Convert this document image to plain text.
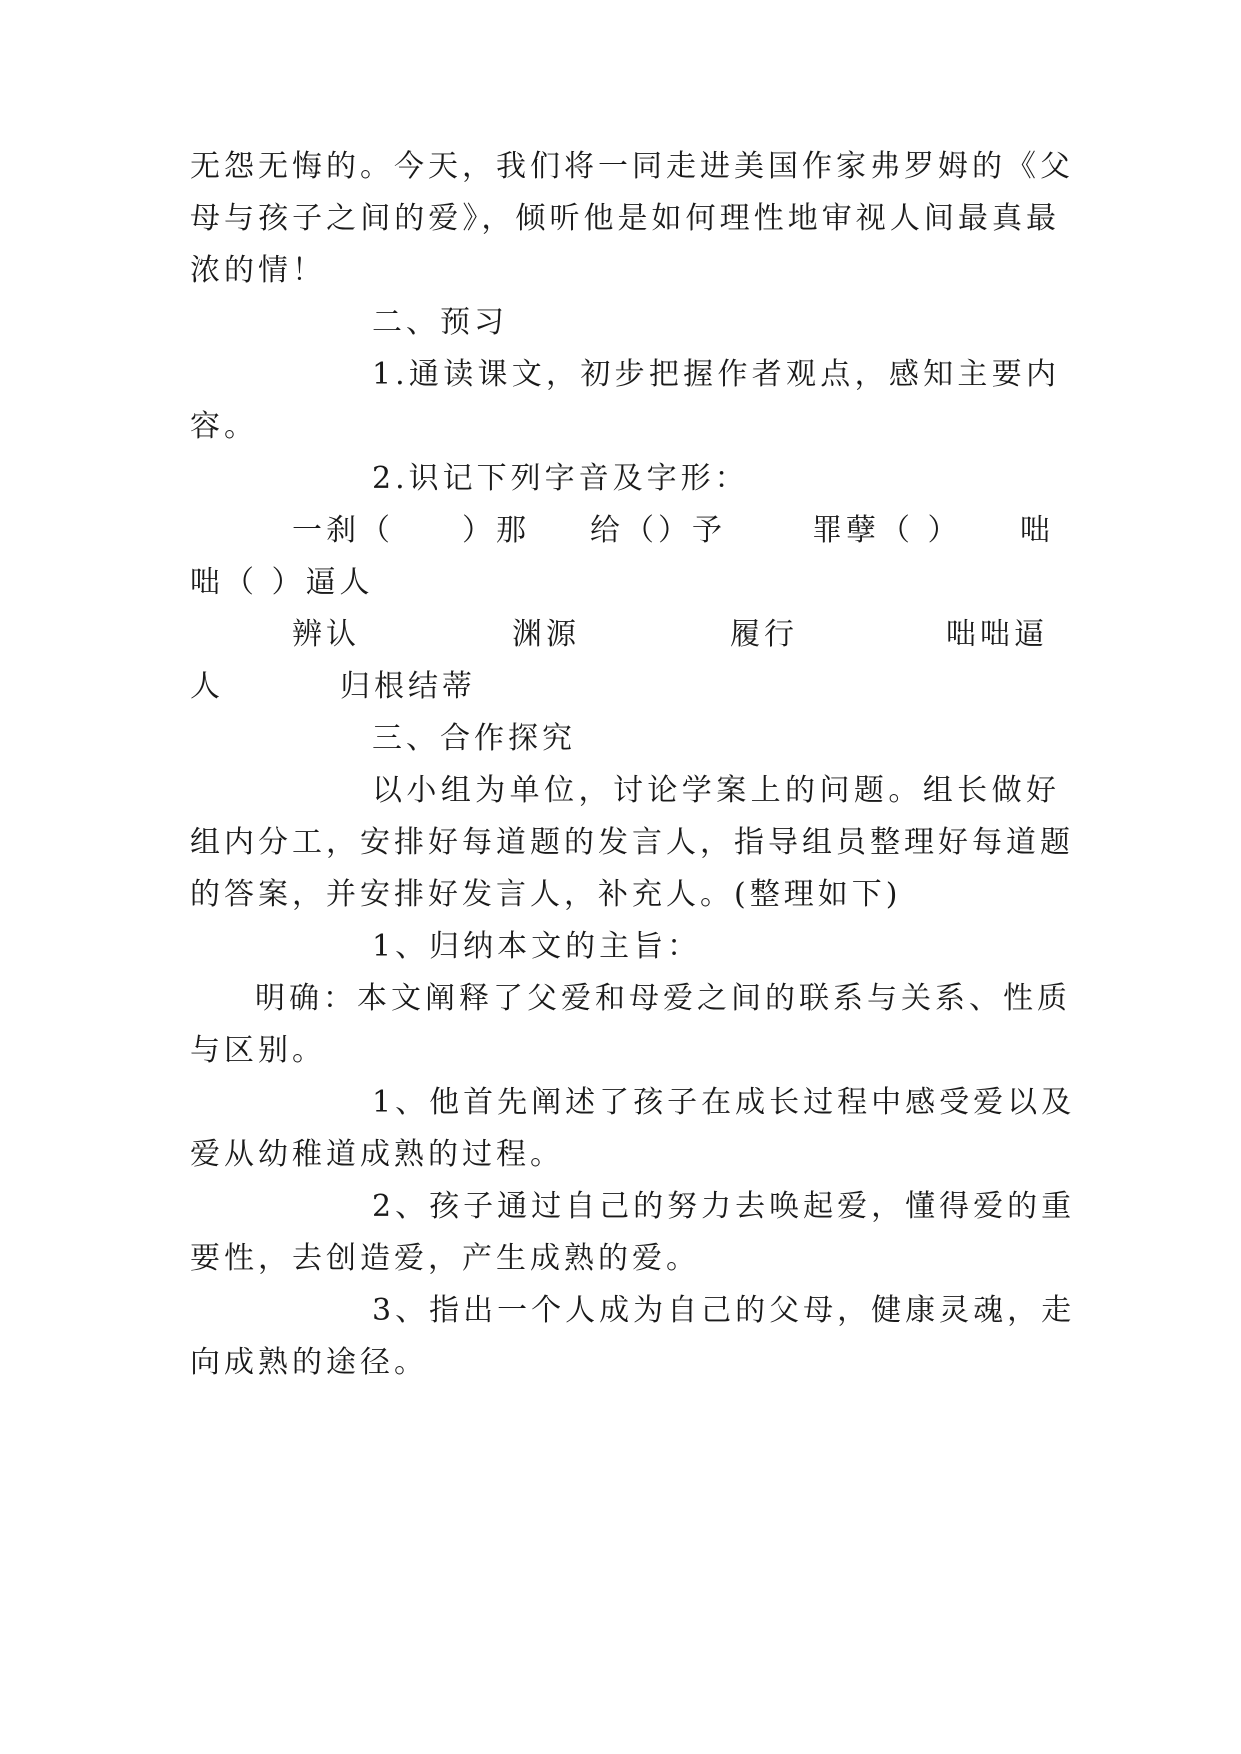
无怨无悔的。今天，我们将一同走进美国作家弗罗姆的《父
母与孩子之间的爱》，倾听他是如何理性地审视人间最真最
浓的情！
二、预习
1.通读课文，初步把握作者观点，感知主要内
容。
2.识记下列字音及字形：
一刹（　　）那 给（）予	罪孽（ ） 咄
咄（ ）逼人
辨认	渊源	履行	咄咄逼
人	归根结蒂
三、合作探究
以小组为单位，讨论学案上的问题。组长做好
组内分工，安排好每道题的发言人，指导组员整理好每道题
的答案，并安排好发言人，补充人。(整理如下)
1、归纳本文的主旨：
明确：本文阐释了父爱和母爱之间的联系与关系、性质
与区别。
1、他首先阐述了孩子在成长过程中感受爱以及
爱从幼稚道成熟的过程。
2、孩子通过自己的努力去唤起爱，懂得爱的重
要性，去创造爱，产生成熟的爱。
3、指出一个人成为自己的父母，健康灵魂，走
向成熟的途径。
